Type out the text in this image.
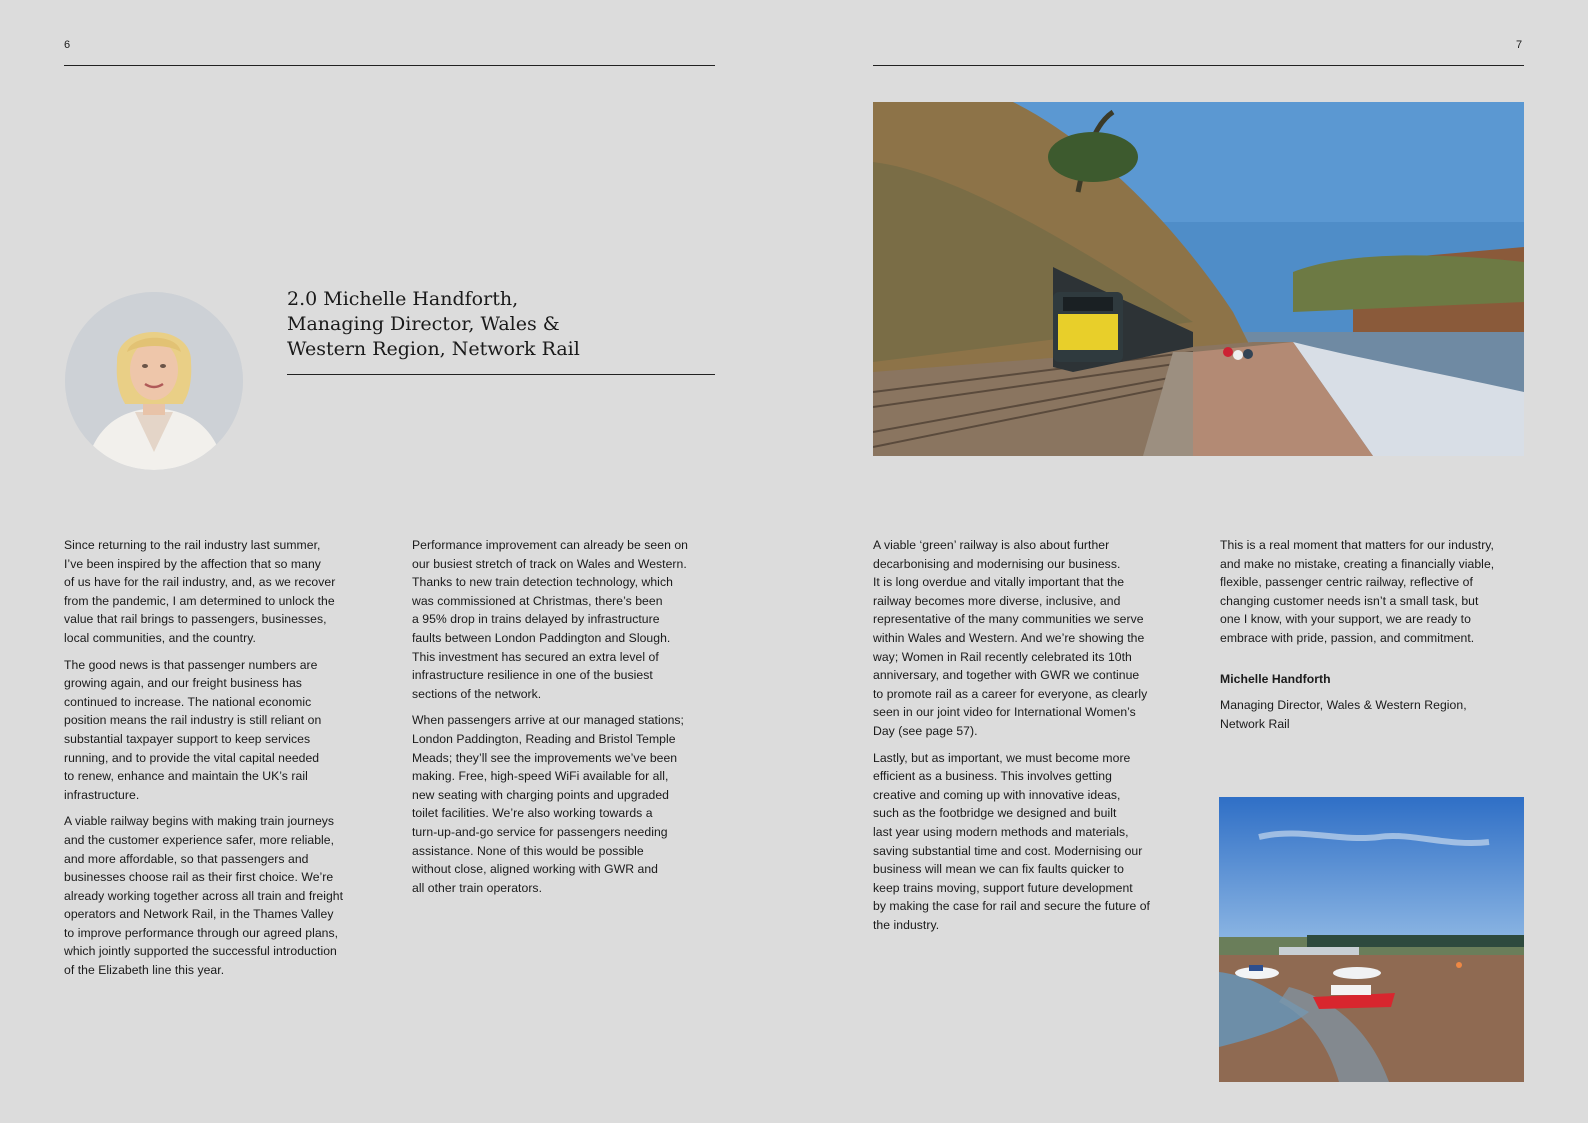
6	7
2.0 Michelle Handforth,
Managing Director, Wales &
Western Region, Network Rail

Since returning to the rail industry last summer,
I’ve been inspired by the affection that so many
of us have for the rail industry, and, as we recover
from the pandemic, I am determined to unlock the
value that rail brings to passengers, businesses,
local communities, and the country.

The good news is that passenger numbers are
growing again, and our freight business has
continued to increase. The national economic
position means the rail industry is still reliant on
substantial taxpayer support to keep services
running, and to provide the vital capital needed
to renew, enhance and maintain the UK’s rail
infrastructure.

A viable railway begins with making train journeys
and the customer experience safer, more reliable,
and more affordable, so that passengers and
businesses choose rail as their first choice. We’re
already working together across all train and freight
operators and Network Rail, in the Thames Valley
to improve performance through our agreed plans,
which jointly supported the successful introduction
of the Elizabeth line this year.

Performance improvement can already be seen on
our busiest stretch of track on Wales and Western.
Thanks to new train detection technology, which
was commissioned at Christmas, there’s been
a 95% drop in trains delayed by infrastructure
faults between London Paddington and Slough.
This investment has secured an extra level of
infrastructure resilience in one of the busiest
sections of the network.

When passengers arrive at our managed stations;
London Paddington, Reading and Bristol Temple
Meads; they’ll see the improvements we’ve been
making. Free, high-speed WiFi available for all,
new seating with charging points and upgraded
toilet facilities. We’re also working towards a
turn-up-and-go service for passengers needing
assistance. None of this would be possible
without close, aligned working with GWR and
all other train operators.

A viable ‘green’ railway is also about further
decarbonising and modernising our business.
It is long overdue and vitally important that the
railway becomes more diverse, inclusive, and
representative of the many communities we serve
within Wales and Western. And we’re showing the
way; Women in Rail recently celebrated its 10th
anniversary, and together with GWR we continue
to promote rail as a career for everyone, as clearly
seen in our joint video for International Women’s
Day (see page 57).

Lastly, but as important, we must become more
efficient as a business. This involves getting
creative and coming up with innovative ideas,
such as the footbridge we designed and built
last year using modern methods and materials,
saving substantial time and cost. Modernising our
business will mean we can fix faults quicker to
keep trains moving, support future development
by making the case for rail and secure the future of
the industry.

This is a real moment that matters for our industry,
and make no mistake, creating a financially viable,
flexible, passenger centric railway, reflective of
changing customer needs isn’t a small task, but
one I know, with your support, we are ready to
embrace with pride, passion, and commitment.

Michelle Handforth

Managing Director, Wales & Western Region,
Network Rail
